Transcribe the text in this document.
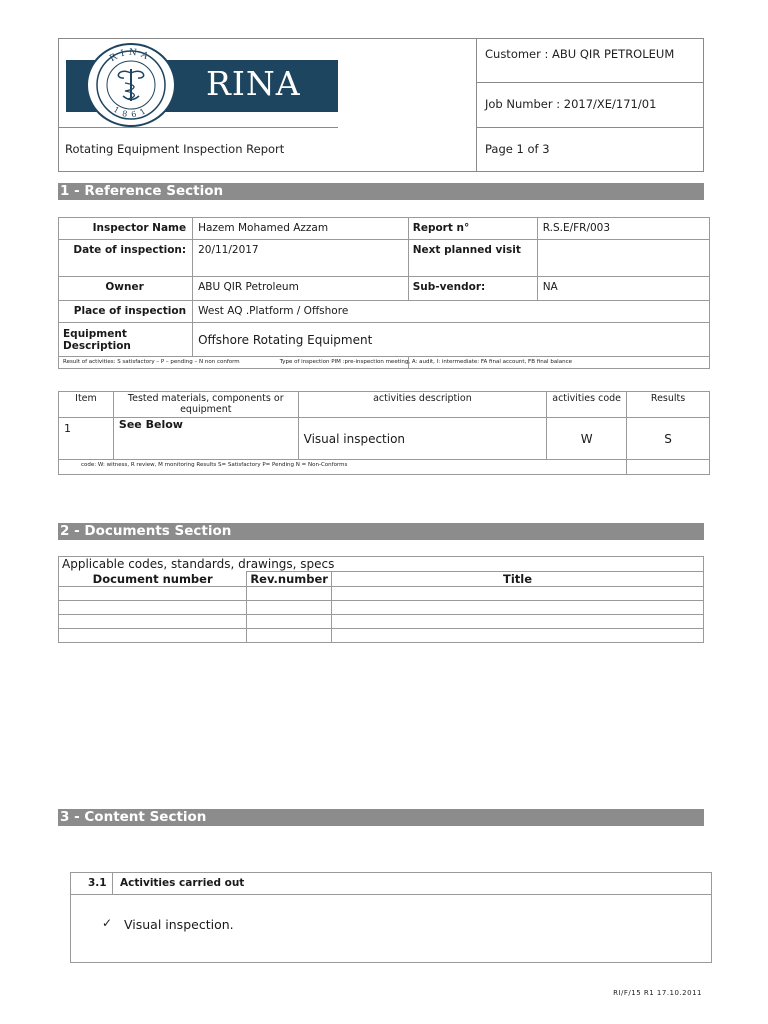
RINA
1861
RINA
Customer : ABU QIR PETROLEUM
Job Number : 2017/XE/171/01
Rotating Equipment Inspection Report	Page 1 of 3
1 - Reference Section
Inspector Name	Hazem Mohamed Azzam	Report n°	R.S.E/FR/003
Date of inspection:	20/11/2017	Next planned visit	
Owner	ABU QIR Petroleum	Sub-vendor:	NA
Place of inspection	West AQ .Platform / Offshore
Equipment Description	Offshore Rotating Equipment
Result of activities: S satisfactory – P – pending – N non conform	Type of inspection PIM :pre-inspection meeting, A: audit, I: intermediate: FA final account, FB final balance
Item	Tested materials, components or equipment	activities description	activities code	Results
1	See Below	Visual inspection	W	S
code: W: witness, R review, M monitoring Results S= Satisfactory P= Pending N = Non-Conforms				
2 - Documents Section
Applicable codes, standards, drawings, specs		
Document number	Rev.number	Title

3 - Content Section
3.1 Activities carried out
✓ Visual inspection.
RI/F/15 R1 17.10.2011
